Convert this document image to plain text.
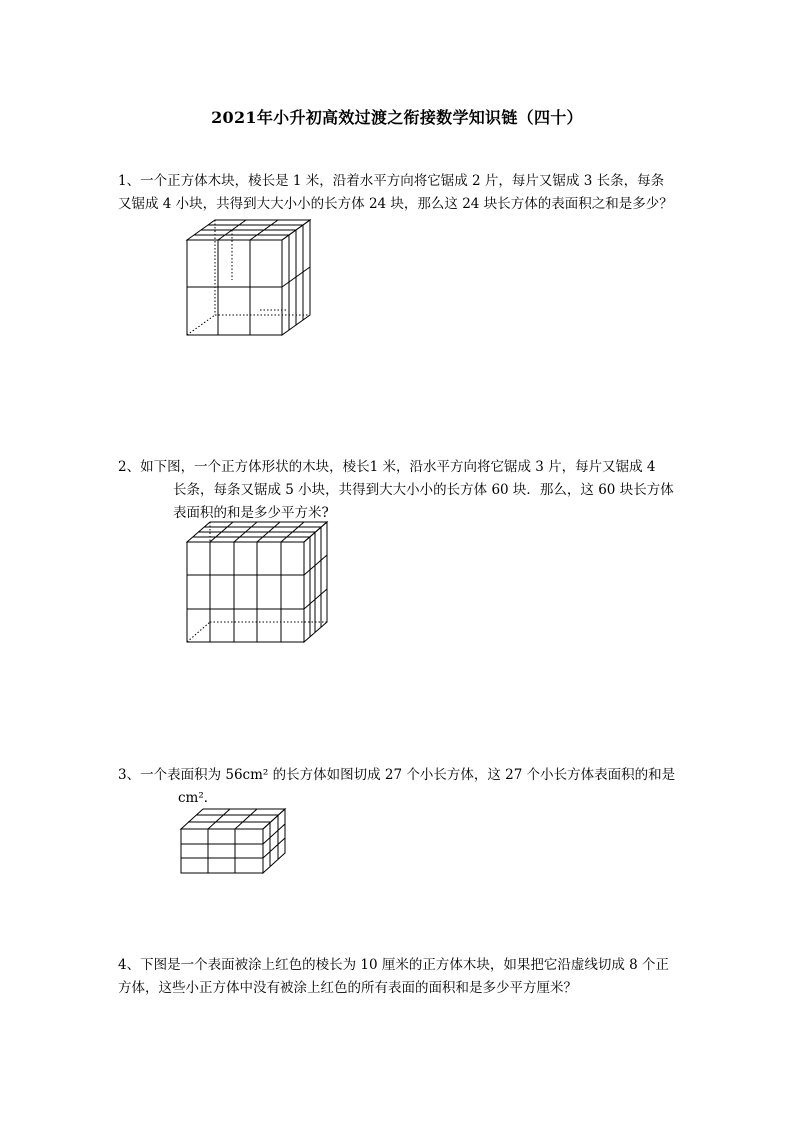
2021年小升初高效过渡之衔接数学知识链（四十）

1、一个正方体木块，棱长是 1 米，沿着水平方向将它锯成 2 片，每片又锯成 3 长条，每条

又锯成 4 小块，共得到大大小小的长方体 24 块，那么这 24 块长方体的表面积之和是多少？

2、如下图，一个正方体形状的木块，棱长1 米，沿水平方向将它锯成 3 片，每片又锯成 4

长条，每条又锯成 5 小块，共得到大大小小的长方体 60 块．那么，这 60 块长方体

表面积的和是多少平方米?

3、一个表面积为 56cm² 的长方体如图切成 27 个小长方体，这 27 个小长方体表面积的和是

cm²．

4、下图是一个表面被涂上红色的棱长为 10 厘米的正方体木块，如果把它沿虚线切成 8 个正

方体，这些小正方体中没有被涂上红色的所有表面的面积和是多少平方厘米？
